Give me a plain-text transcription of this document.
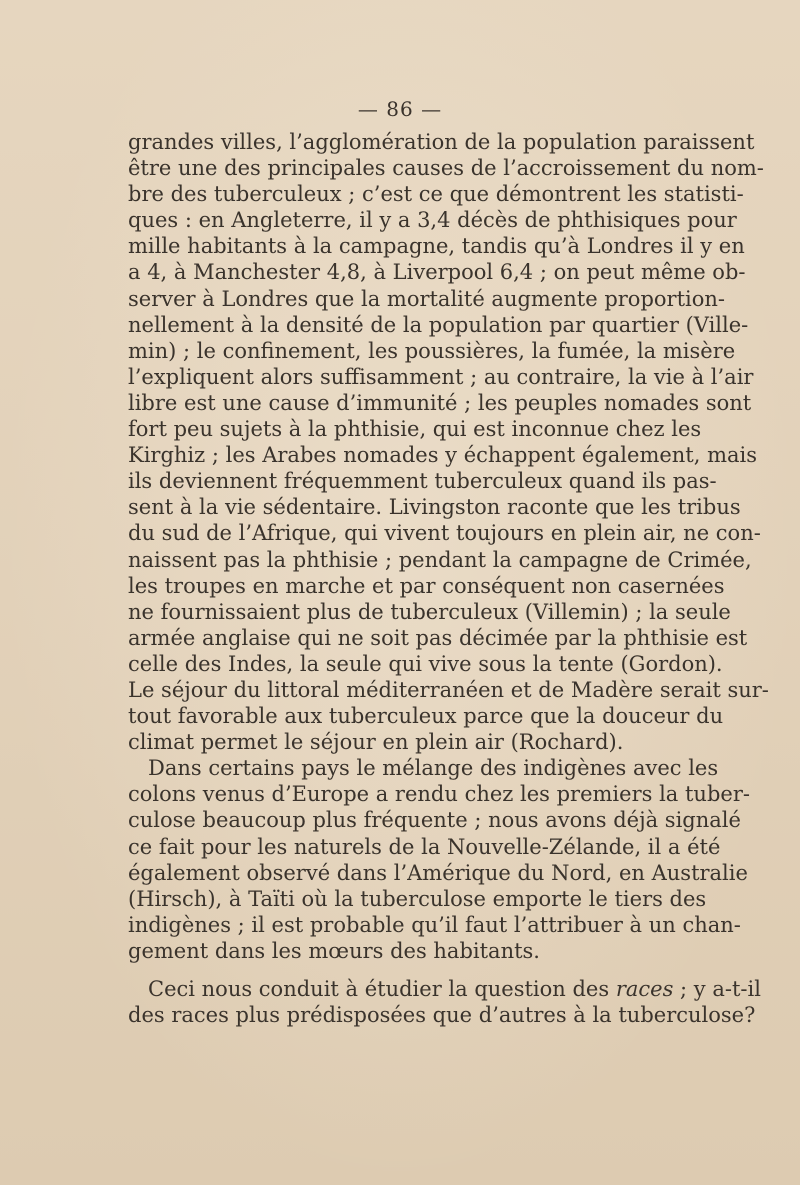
— 86 —
grandes villes, l’agglomération de la population paraissent
être une des principales causes de l’accroissement du nom-
bre des tuberculeux ; c’est ce que démontrent les statisti-
ques : en Angleterre, il y a 3,4 décès de phthisiques pour
mille habitants à la campagne, tandis qu’à Londres il y en
a 4, à Manchester 4,8, à Liverpool 6,4 ; on peut même ob-
server à Londres que la mortalité augmente proportion-
nellement à la densité de la population par quartier (Ville-
min) ; le confinement, les poussières, la fumée, la misère
l’expliquent alors suffisamment ; au contraire, la vie à l’air
libre est une cause d’immunité ; les peuples nomades sont
fort peu sujets à la phthisie, qui est inconnue chez les
Kirghiz ; les Arabes nomades y échappent également, mais
ils deviennent fréquemment tuberculeux quand ils pas-
sent à la vie sédentaire. Livingston raconte que les tribus
du sud de l’Afrique, qui vivent toujours en plein air, ne con-
naissent pas la phthisie ; pendant la campagne de Crimée,
les troupes en marche et par conséquent non casernées
ne fournissaient plus de tuberculeux (Villemin) ; la seule
armée anglaise qui ne soit pas décimée par la phthisie est
celle des Indes, la seule qui vive sous la tente (Gordon).
Le séjour du littoral méditerranéen et de Madère serait sur-
tout favorable aux tuberculeux parce que la douceur du
climat permet le séjour en plein air (Rochard).
Dans certains pays le mélange des indigènes avec les
colons venus d’Europe a rendu chez les premiers la tuber-
culose beaucoup plus fréquente ; nous avons déjà signalé
ce fait pour les naturels de la Nouvelle-Zélande, il a été
également observé dans l’Amérique du Nord, en Australie
(Hirsch), à Taïti où la tuberculose emporte le tiers des
indigènes ; il est probable qu’il faut l’attribuer à un chan-
gement dans les mœurs des habitants.
Ceci nous conduit à étudier la question des races ; y a-t-il
des races plus prédisposées que d’autres à la tuberculose?
